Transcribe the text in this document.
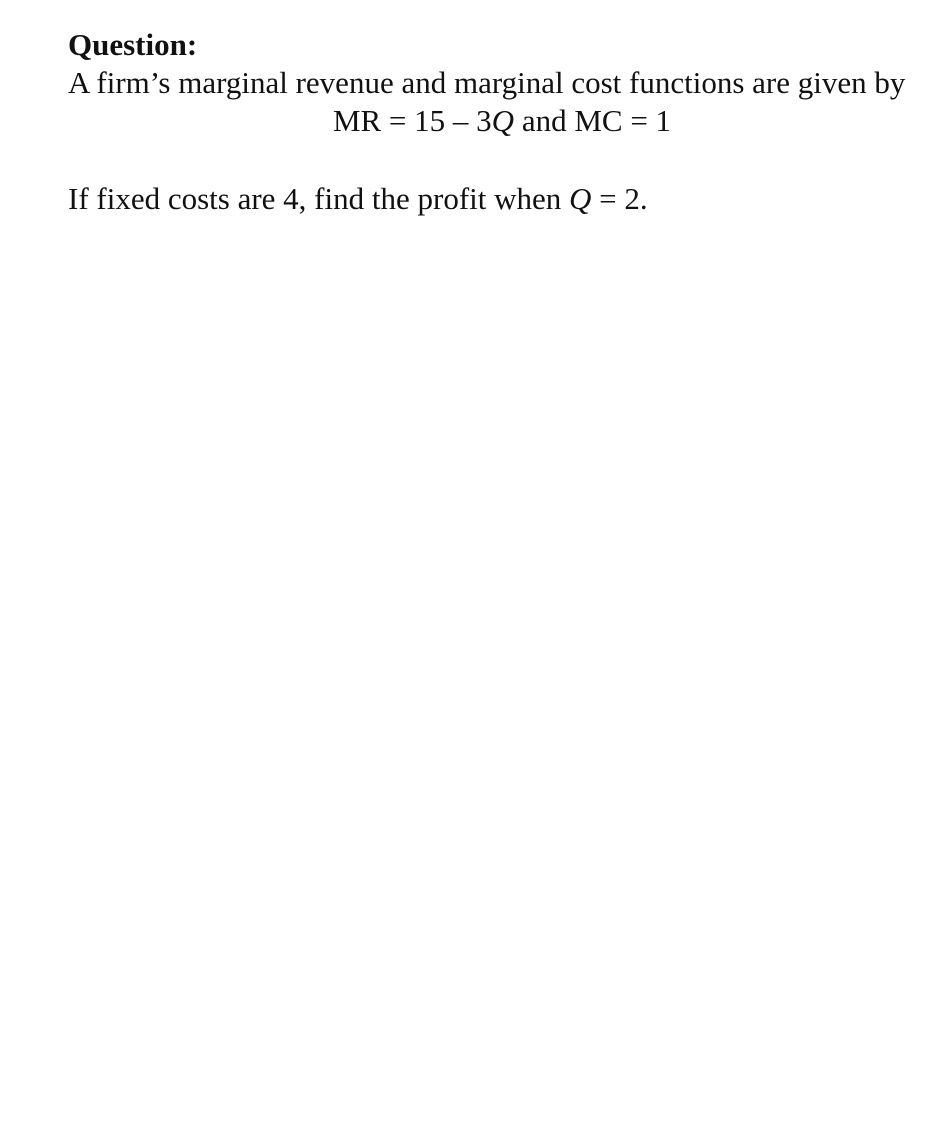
Question:

A firm’s marginal revenue and marginal cost functions are given by

MR = 15 – 3Q and MC = 1

If fixed costs are 4, find the profit when Q = 2.
